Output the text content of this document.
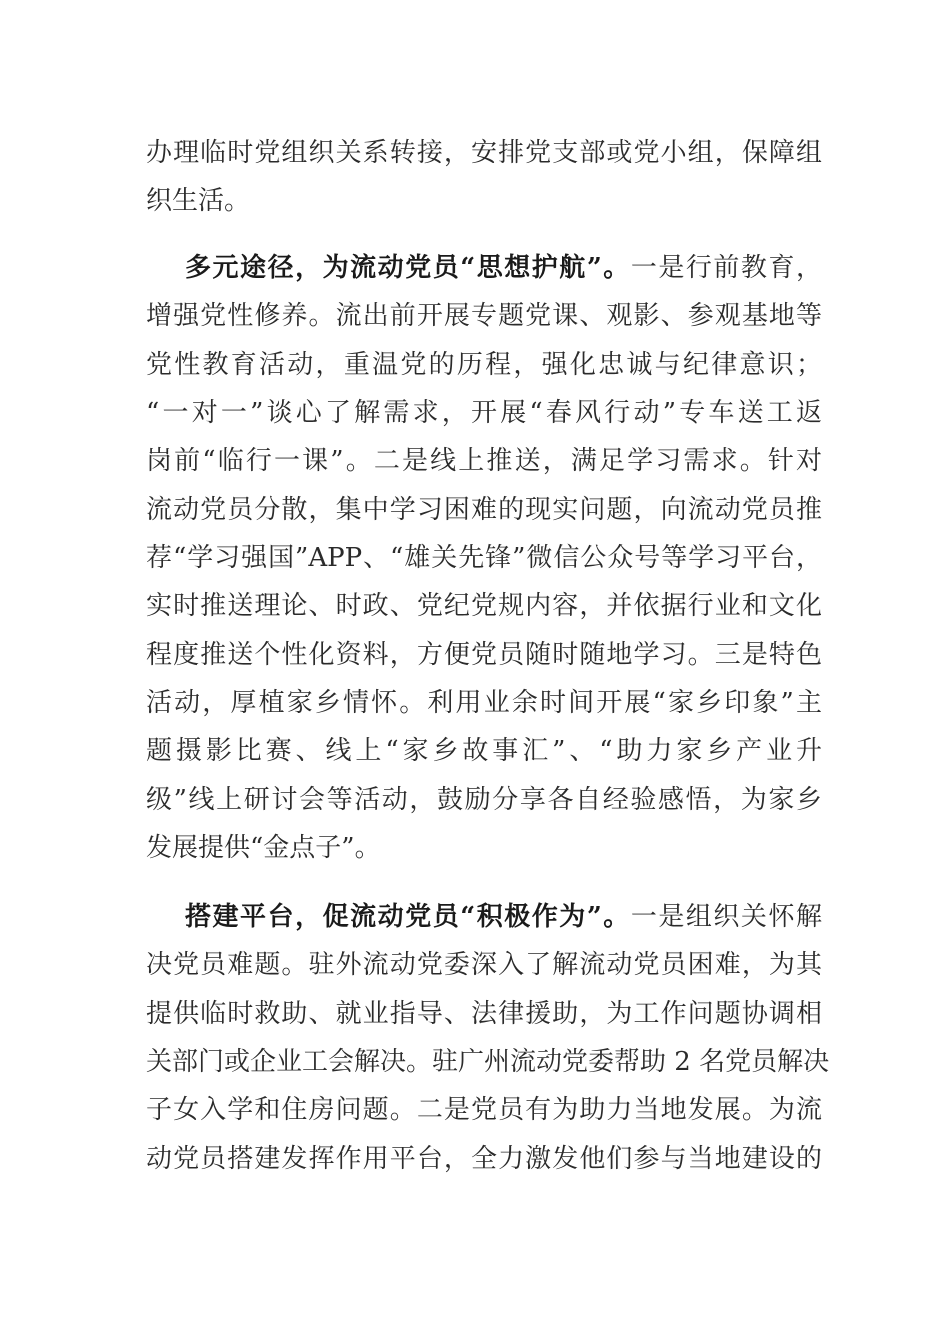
办理临时党组织关系转接，安排党支部或党小组，保障组
织生活。
多元途径，为流动党员“思想护航”。一是行前教育，
增强党性修养。流出前开展专题党课、观影、参观基地等
党性教育活动，重温党的历程，强化忠诚与纪律意识；
“一对一”谈心了解需求，开展“春风行动”专车送工返
岗前“临行一课”。二是线上推送，满足学习需求。针对
流动党员分散，集中学习困难的现实问题，向流动党员推
荐“学习强国”APP、“雄关先锋”微信公众号等学习平台，
实时推送理论、时政、党纪党规内容，并依据行业和文化
程度推送个性化资料，方便党员随时随地学习。三是特色
活动，厚植家乡情怀。利用业余时间开展“家乡印象”主
题摄影比赛、线上“家乡故事汇”、“助力家乡产业升
级”线上研讨会等活动，鼓励分享各自经验感悟，为家乡
发展提供“金点子”。
搭建平台，促流动党员“积极作为”。一是组织关怀解
决党员难题。驻外流动党委深入了解流动党员困难，为其
提供临时救助、就业指导、法律援助，为工作问题协调相
关部门或企业工会解决。驻广州流动党委帮助 2 名党员解决
子女入学和住房问题。二是党员有为助力当地发展。为流
动党员搭建发挥作用平台，全力激发他们参与当地建设的
